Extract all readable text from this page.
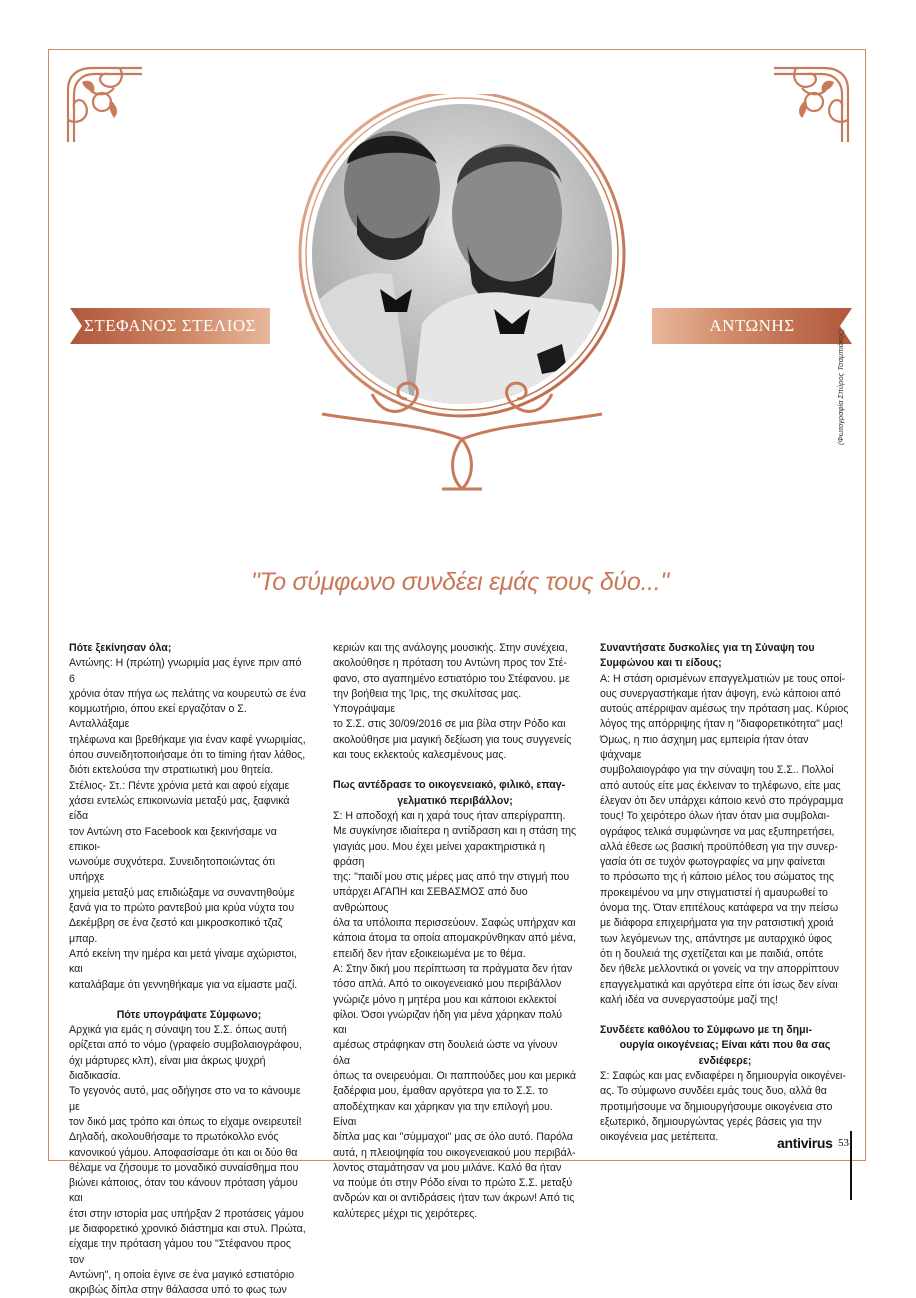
ΣΤΕΦΑΝΟΣ ΣΤΕΛΙΟΣ	ΑΝΤΩΝΗΣ
(Φωτογραφία Σπύρος Τσαμπιάκης)
"Το σύμφωνο συνδέει εμάς τους δύο..."

Πότε ξεκίνησαν όλα;

Αντώνης: Η (πρώτη) γνωριμία μας έγινε πριν από 6

χρόνια όταν πήγα ως πελάτης να κουρευτώ σε ένα

κομμωτήριο, όπου εκεί εργαζόταν ο Σ. Ανταλλάξαμε

τηλέφωνα και βρεθήκαμε για έναν καφέ γνωριμίας,

όπου συνειδητοποιήσαμε ότι το timing ήταν λάθος,

διότι εκτελούσα την στρατιωτική μου θητεία.

Στέλιος- Στ.: Πέντε χρόνια μετά και αφού είχαμε

χάσει εντελώς επικοινωνία μεταξύ μας, ξαφνικά είδα

τον Αντώνη στο Facebook και ξεκινήσαμε να επικοι-

νωνούμε συχνότερα. Συνειδητοποιώντας ότι υπήρχε

χημεία μεταξύ μας επιδιώξαμε να συναντηθούμε

ξανά για το πρώτο ραντεβού μια κρύα νύχτα του

Δεκέμβρη σε ένα ζεστό και μικροσκοπικό τζαζ μπαρ.

Από εκείνη την ημέρα και μετά γίναμε αχώριστοι, και

καταλάβαμε ότι γεννηθήκαμε για να είμαστε μαζί.

Πότε υπογράψατε Σύμφωνο;

Αρχικά για εμάς η σύναψη του Σ.Σ. όπως αυτή

ορίζεται από το νόμο (γραφείο συμβολαιογράφου,

όχι μάρτυρες κλπ), είναι μια άκρως ψυχρή διαδικασία.

Το γεγονός αυτό, μας οδήγησε στο να το κάνουμε με

τον δικό μας τρόπο και όπως το είχαμε ονειρευτεί!

Δηλαδή, ακολουθήσαμε το πρωτόκολλο ενός

κανονικού γάμου. Αποφασίσαμε ότι και οι δύο θα

θέλαμε να ζήσουμε το μοναδικό συναίσθημα που

βιώνει κάποιος, όταν του κάνουν πρόταση γάμου και

έτσι στην ιστορία μας υπήρξαν 2 προτάσεις γάμου

με διαφορετικό χρονικό διάστημα και στυλ. Πρώτα,

είχαμε την πρόταση γάμου του "Στέφανου προς τον

Αντώνη", η οποία έγινε σε ένα μαγικό εστιατόριο

ακριβώς δίπλα στην θάλασσα υπό το φως των

κεριών και της ανάλογης μουσικής. Στην συνέχεια,

ακολούθησε η πρόταση του Αντώνη προς τον Στέ-

φανο, στο αγαπημένο εστιατόριο του Στέφανου. με

την βοήθεια της Ίρις, της σκυλίτσας μας. Υπογράψαμε

το Σ.Σ. στις 30/09/2016 σε μια βίλα στην Ρόδο και

ακολούθησε μια μαγική δεξίωση για τους συγγενείς

και τους εκλεκτούς καλεσμένους μας.

Πως αντέδρασε το οικογενειακό, φιλικό, επαγ-

γελματικό περιβάλλον;

Σ: Η αποδοχή και η χαρά τους ήταν απερίγραπτη.

Με συγκίνησε ιδιαίτερα η αντίδραση και η στάση της

γιαγιάς μου. Μου έχει μείνει χαρακτηριστικά η φράση

της: "παιδί μου στις μέρες μας από την στιγμή που

υπάρχει ΑΓΑΠΗ και ΣΕΒΑΣΜΟΣ από δυο ανθρώπους

όλα τα υπόλοιπα περισσεύουν. Σαφώς υπήρχαν και

κάποια άτομα τα οποία απομακρύνθηκαν από μένα,

επειδή δεν ήταν εξοικειωμένα με το θέμα.

Α: Στην δική μου περίπτωση τα πράγματα δεν ήταν

τόσο απλά. Από το οικογενειακό μου περιβάλλον

γνώριζε μόνο η μητέρα μου και κάποιοι εκλεκτοί

φίλοι. Όσοι γνώριζαν ήδη για μένα χάρηκαν πολύ και

αμέσως στράφηκαν στη δουλειά ώστε να γίνουν όλα

όπως τα ονειρευόμαι. Οι παππούδες μου και μερικά

ξαδέρφια μου, έμαθαν αργότερα για το Σ.Σ. το

αποδέχτηκαν και χάρηκαν για την επιλογή μου. Είναι

δίπλα μας και "σύμμαχοι" μας σε όλο αυτό. Παρόλα

αυτά, η πλειοψηφία του οικογενειακού μου περιβάλ-

λοντος σταμάτησαν να μου μιλάνε. Καλό θα ήταν

να πούμε ότι στην Ρόδο είναι το πρώτο Σ.Σ. μεταξύ

ανδρών και οι αντιδράσεις ήταν των άκρων! Από τις

καλύτερες μέχρι τις χειρότερες.

Συναντήσατε δυσκολίες για τη Σύναψη του

Συμφώνου και τι είδους;

Α: Η στάση ορισμένων επαγγελματιών με τους οποί-

ους συνεργαστήκαμε ήταν άψογη, ενώ κάποιοι από

αυτούς απέρριψαν αμέσως την πρόταση μας. Κύριος

λόγος της απόρριψης ήταν η "διαφορετικότητα" μας!

Όμως, η πιο άσχημη μας εμπειρία ήταν όταν ψάχναμε

συμβολαιογράφο για την σύναψη του Σ.Σ.. Πολλοί

από αυτούς είτε μας έκλειναν το τηλέφωνο, είτε μας

έλεγαν ότι δεν υπάρχει κάποιο κενό στο πρόγραμμα

τους! Το χειρότερο όλων ήταν όταν μια συμβολαι-

ογράφος τελικά συμφώνησε να μας εξυπηρετήσει,

αλλά έθεσε ως βασική προϋπόθεση για την συνερ-

γασία ότι σε τυχόν φωτογραφίες να μην φαίνεται

το πρόσωπο της ή κάποιο μέλος του σώματος της

προκειμένου να μην στιγματιστεί ή αμαυρωθεί το

όνομα της. Όταν επιτέλους κατάφερα να την πείσω

με διάφορα επιχειρήματα για την ρατσιστική χροιά

των λεγόμενων της, απάντησε με αυταρχικό ύφος

ότι η δουλειά της σχετίζεται και με παιδιά, οπότε

δεν ήθελε μελλοντικά οι γονείς να την απορρίπτουν

επαγγελματικά και αργότερα είπε ότι ίσως δεν είναι

καλή ιδέα να συνεργαστούμε μαζί της!

Συνδέετε καθόλου το Σύμφωνο με τη δημι-

ουργία οικογένειας; Είναι κάτι που θα σας

ενδιέφερε;

Σ: Σαφώς και μας ενδιαφέρει η δημιουργία οικογένει-

ας. Το σύμφωνο συνδέει εμάς τους δυο, αλλά θα

προτιμήσουμε να δημιουργήσουμε οικογένεια στο

εξωτερικό, δημιουργώντας γερές βάσεις για την

οικογένεια μας μετέπειτα.	antivirus 53
